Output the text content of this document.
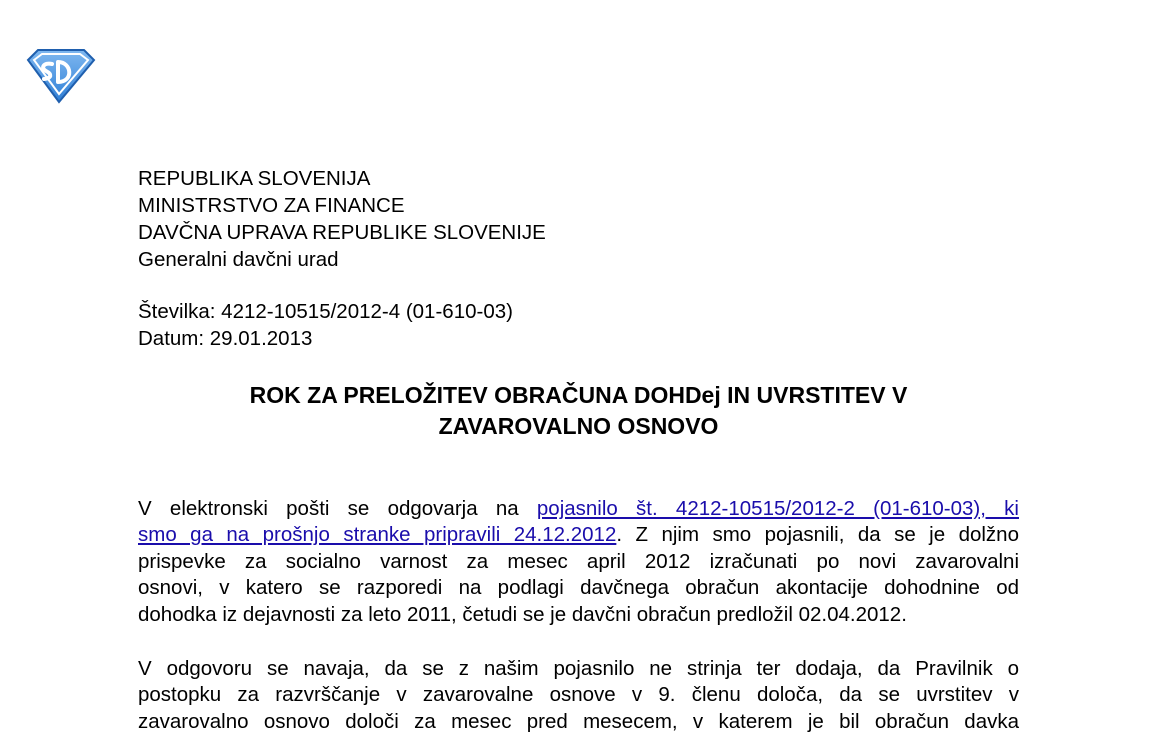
REPUBLIKA SLOVENIJA
MINISTRSTVO ZA FINANCE
DAVČNA UPRAVA REPUBLIKE SLOVENIJE
Generalni davčni urad
Številka: 4212-10515/2012-4 (01-610-03)
Datum: 29.01.2013
ROK ZA PRELOŽITEV OBRAČUNA DOHDej IN UVRSTITEV V
ZAVAROVALNO OSNOVO
V elektronski pošti se odgovarja na pojasnilo št. 4212-10515/2012-2 (01-610-03), ki
smo ga na prošnjo stranke pripravili 24.12.2012. Z njim smo pojasnili, da se je dolžno
prispevke za socialno varnost za mesec april 2012 izračunati po novi zavarovalni
osnovi, v katero se razporedi na podlagi davčnega obračun akontacije dohodnine od
dohodka iz dejavnosti za leto 2011, četudi se je davčni obračun predložil 02.04.2012.
V odgovoru se navaja, da se z našim pojasnilo ne strinja ter dodaja, da Pravilnik o
postopku za razvrščanje v zavarovalne osnove v 9. členu določa, da se uvrstitev v
zavarovalno osnovo določi za mesec pred mesecem, v katerem je bil obračun davka
